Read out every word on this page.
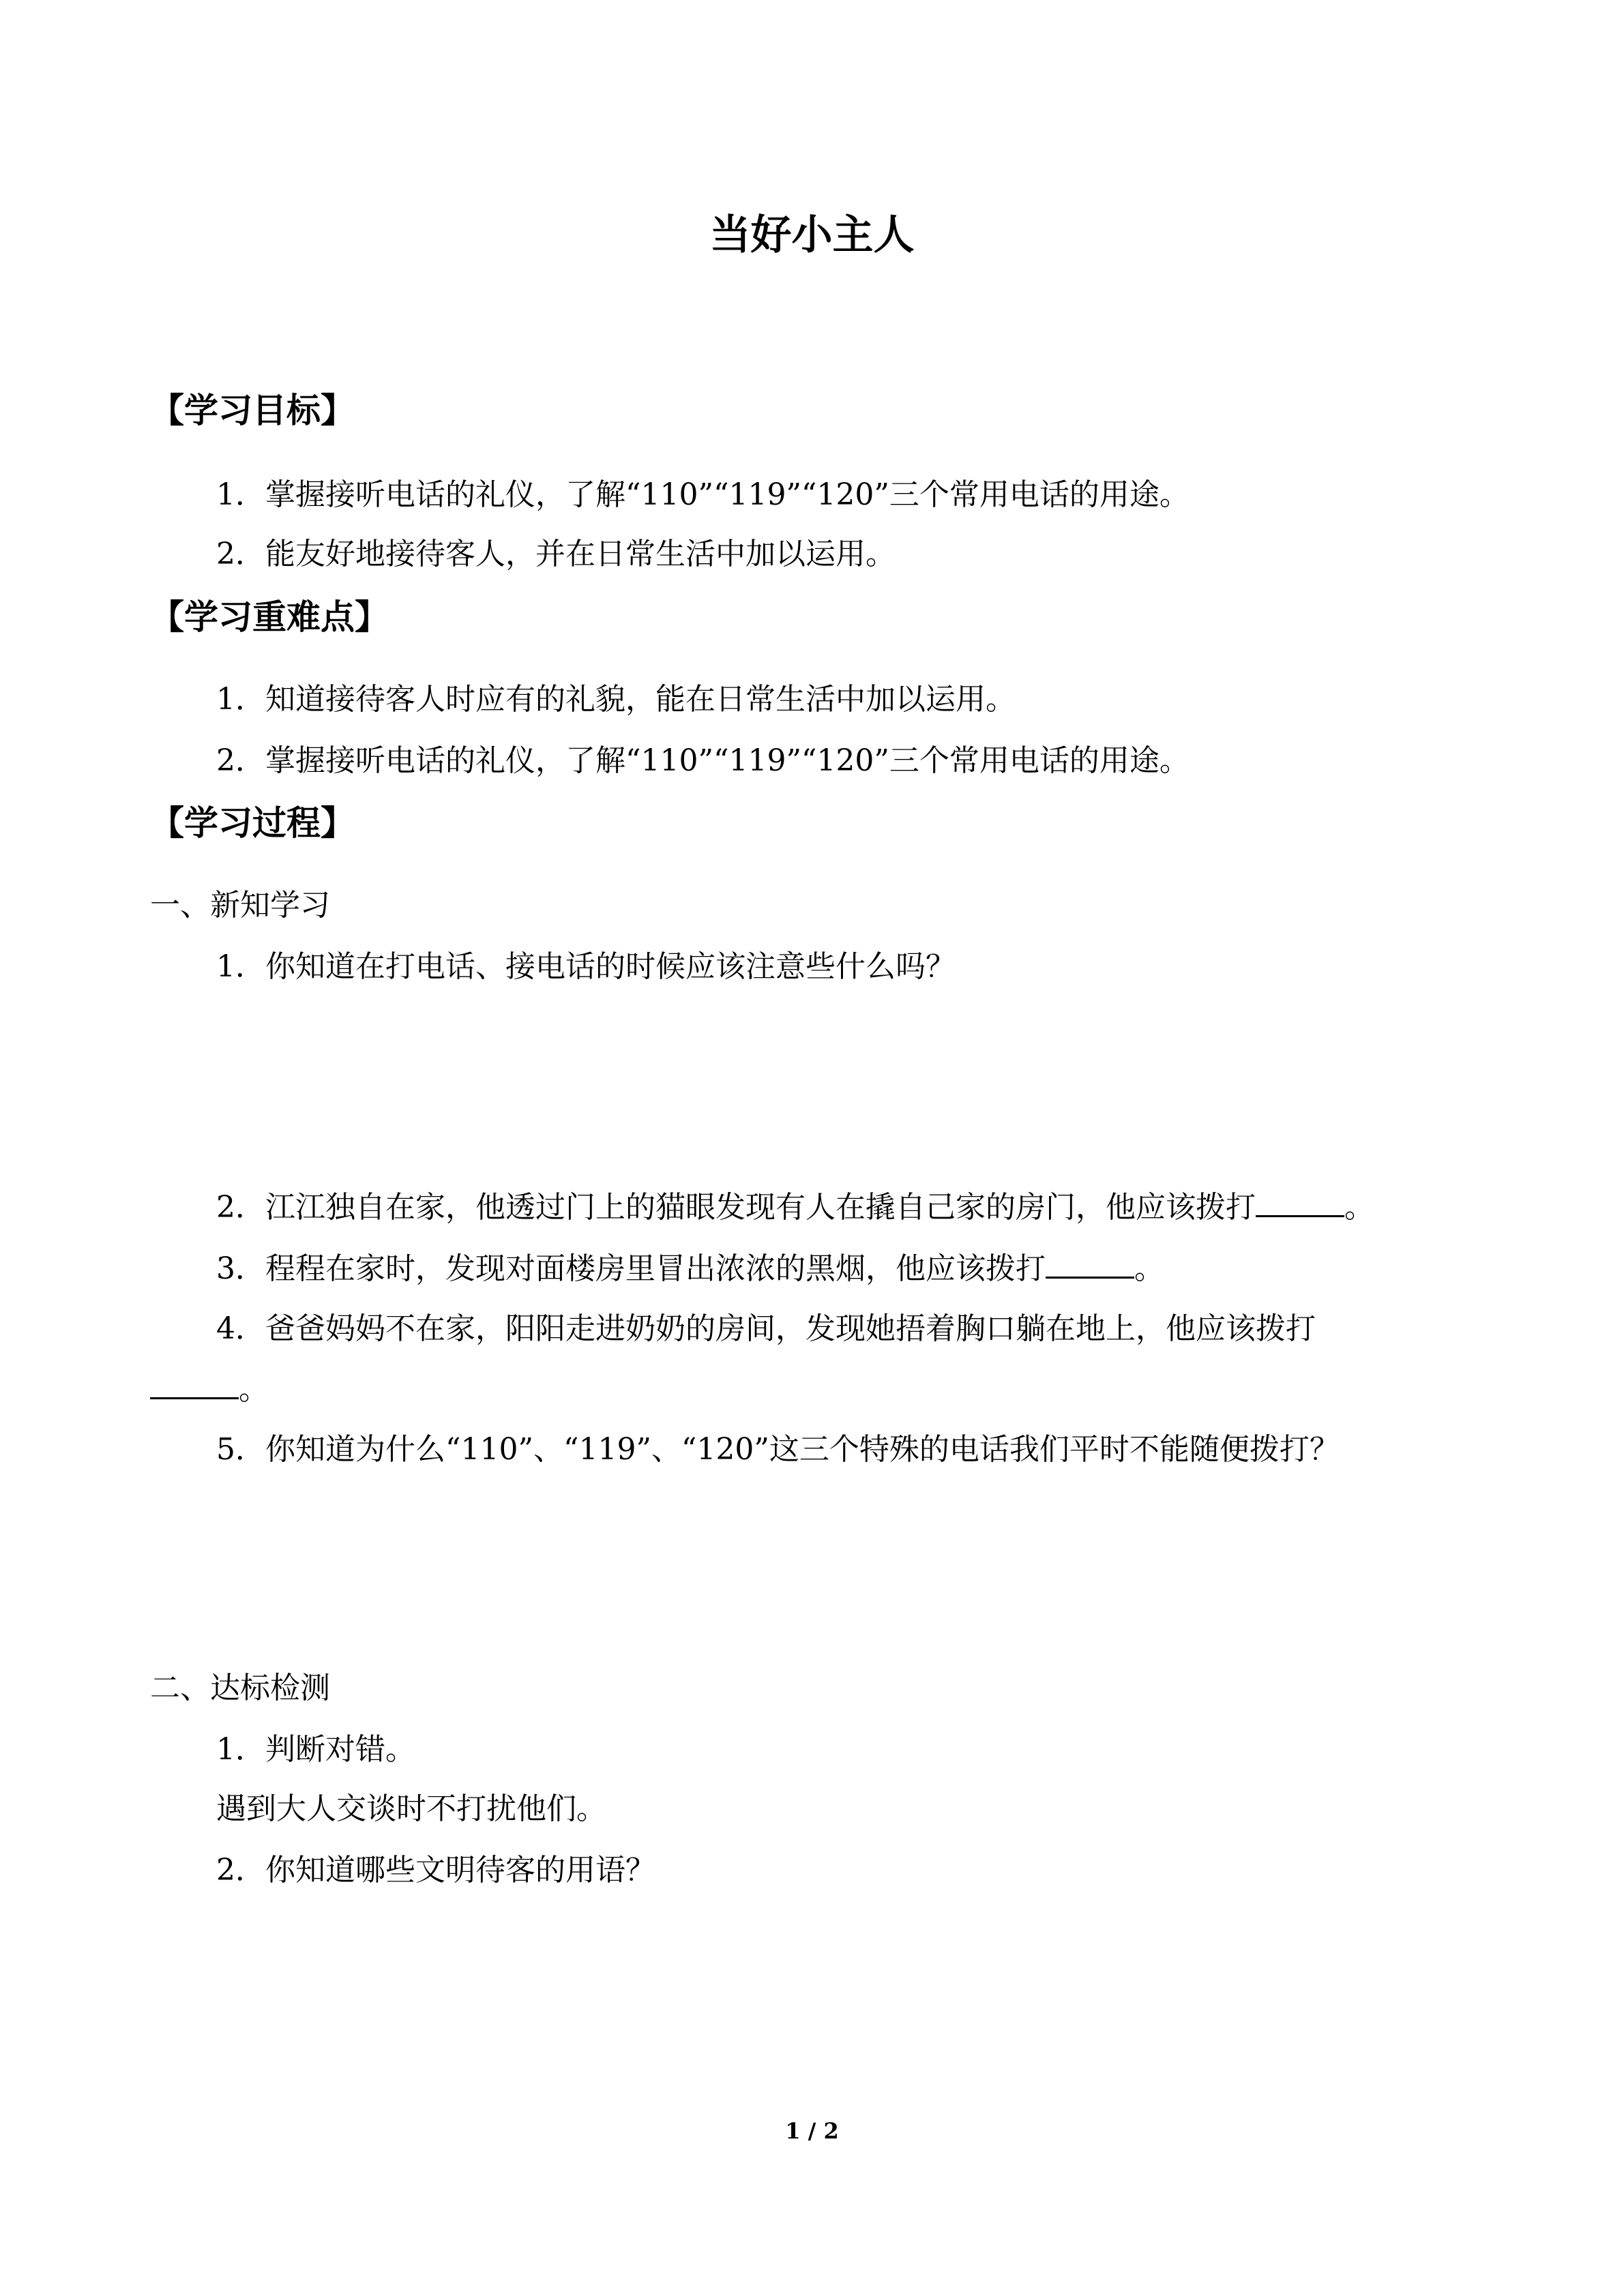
当好小主人
【学习目标】
1．掌握接听电话的礼仪，了解“110”“119”“120”三个常用电话的用途。
2．能友好地接待客人，并在日常生活中加以运用。
【学习重难点】
1．知道接待客人时应有的礼貌，能在日常生活中加以运用。
2．掌握接听电话的礼仪，了解“110”“119”“120”三个常用电话的用途。
【学习过程】
一、新知学习
1．你知道在打电话、接电话的时候应该注意些什么吗？
2．江江独自在家，他透过门上的猫眼发现有人在撬自己家的房门，他应该拨打	。
3．程程在家时，发现对面楼房里冒出浓浓的黑烟，他应该拨打	。
4．爸爸妈妈不在家，阳阳走进奶奶的房间，发现她捂着胸口躺在地上，他应该拨打
。
5．你知道为什么“110”、“119”、“120”这三个特殊的电话我们平时不能随便拨打？
二、达标检测
1．判断对错。
遇到大人交谈时不打扰他们。
2．你知道哪些文明待客的用语？
1 / 2
